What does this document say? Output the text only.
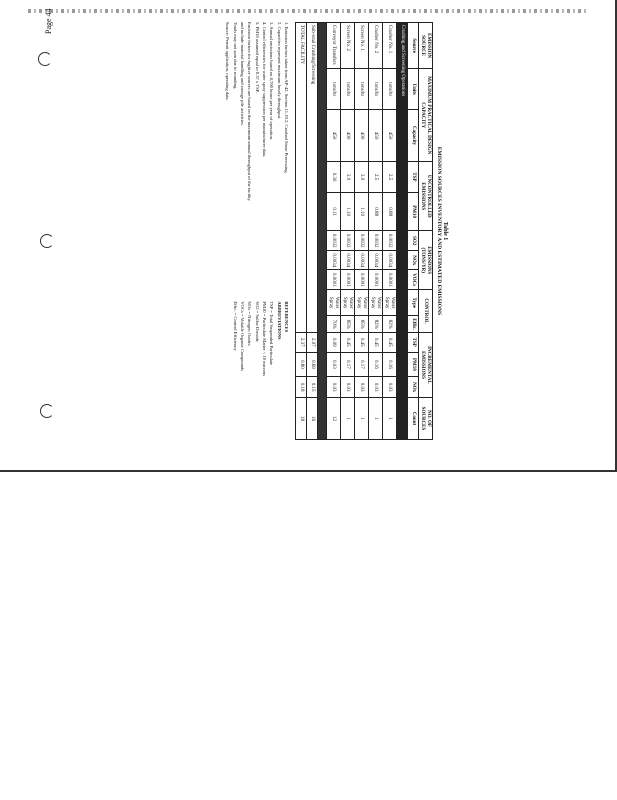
Page 44
Table 1
EMISSION SOURCES INVENTORY AND ESTIMATED EMISSIONS
EMISSION SOURCE	MAXIMUM PRACTICAL DESIGN CAPACITY		UNCONTROLLED EMISSIONS		EMISSIONS (TONS/YR)			CONTROL		INCREMENTAL EMISSIONS			NO. OF SOURCES
Source	Units	Capacity	TSP	PM10	SO2	NOx	VOCs	Type	Effic.	TSP	PM10	NOx	Count
Crushing and Screening Operations													
Crusher No. 1	tons/hr	450	2.5	0.88	0.0032	0.0034	0.0001	Water Spray	82%	0.45	0.16	0.03	1
Crusher No. 2	tons/hr	450	2.5	0.88	0.0032	0.0034	0.0001	Water Spray	82%	0.45	0.16	0.03	1
Screen No. 1	tons/hr	400	3.0	1.10	0.0032	0.0034	0.0001	Water Spray	85%	0.45	0.17	0.03	1
Screen No. 2	tons/hr	400	3.0	1.10	0.0032	0.0034	0.0001	Water Spray	85%	0.45	0.17	0.03	1
Conveyor Transfers	tons/hr	450	0.30	0.11	0.0032	0.0034	0.0001	Water Spray	70%	0.09	0.03	0.03	12

Sub-total Crushing/Screening										2.07	0.69	0.15	16
TOTAL FACILITY										2.37	0.80	0.18	18
1. Emission factors taken from AP-42, Section 11.19.2, Crushed Stone Processing.
2. Capacities represent maximum hourly throughput.
3. Annual emissions based on 8,760 hours per year of operation.
4. Control efficiencies for water spray suppression per manufacturer data.
5. PM10 assumed equal to 0.37 x TSP.
Emission factors for fugitive sources are based on the maximum annual throughput of the facility
and include material handling and storage pile activities.
Totals may not sum due to rounding.
Source: Permit application, operating data.
REFERENCES
ABBREVIATIONS
TSP = Total Suspended Particulate
PM10 = Particulate Matter < 10 microns
SO2 = Sulfur Dioxide
NOx = Nitrogen Oxides
VOCs = Volatile Organic Compounds
Effic. = Control Efficiency
